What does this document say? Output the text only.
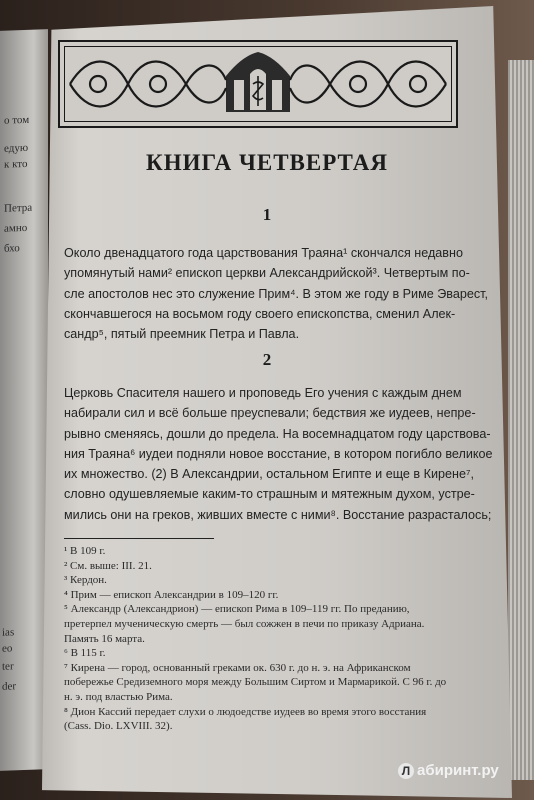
о том
едую
к кто
Петра
амно
бхо
ias
eo
ter
der
КНИГА ЧЕТВЕРТАЯ
1
Около двенадцатого года царствования Траяна¹ скончался недавно
упомянутый нами² епископ церкви Александрийской³. Четвертым по-
сле апостолов нес это служение Прим⁴. В этом же году в Риме Эварест,
скончавшегося на восьмом году своего епископства, сменил Алек-
сандр⁵, пятый преемник Петра и Павла.
2
Церковь Спасителя нашего и проповедь Его учения с каждым днем
набирали сил и всё больше преуспевали; бедствия же иудеев, непре-
рывно сменяясь, дошли до предела. На восемнадцатом году царствова-
ния Траяна⁶ иудеи подняли новое восстание, в котором погибло великое
их множество. (2) В Александрии, остальном Египте и еще в Кирене⁷,
словно одушевляемые каким-то страшным и мятежным духом, устре-
мились они на греков, живших вместе с ними⁸. Восстание разрасталось;
¹ В 109 г.
² См. выше: III. 21.
³ Кердон.
⁴ Прим — епископ Александрии в 109–120 гг.
⁵ Александр (Александрион) — епископ Рима в 109–119 гг. По преданию,
претерпел мученическую смерть — был сожжен в печи по приказу Адриана.
Память 16 марта.
⁶ В 115 г.
⁷ Кирена — город, основанный греками ок. 630 г. до н. э. на Африканском
побережье Средиземного моря между Большим Сиртом и Мармарикой. С 96 г. до
н. э. под властью Рима.
⁸ Дион Кассий передает слухи о людоедстве иудеев во время этого восстания
(Cass. Dio. LXVIII. 32).
Л абиринт.ру
